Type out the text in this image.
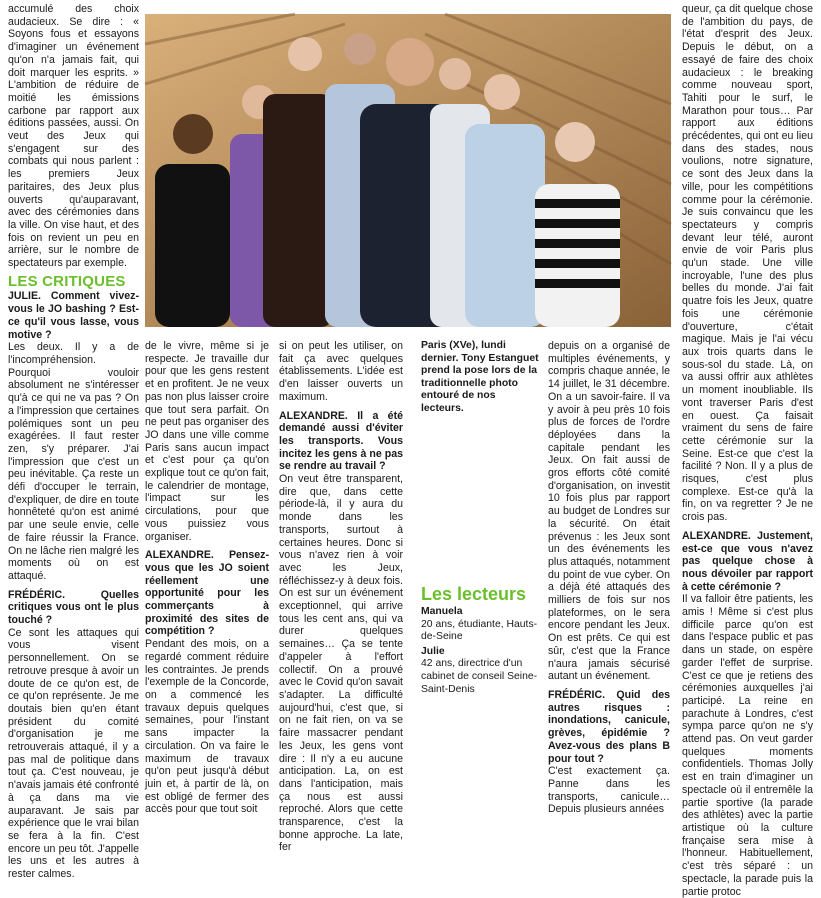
accumulé des choix audacieux. Se dire : « Soyons fous et essayons d'imaginer un événement qu'on n'a jamais fait, qui doit marquer les esprits. » L'ambition de réduire de moitié les émissions carbone par rapport aux éditions passées, aussi. On veut des Jeux qui s'engagent sur des combats qui nous parlent : les premiers Jeux paritaires, des Jeux plus ouverts qu'auparavant, avec des cérémonies dans la ville. On vise haut, et des fois on revient un peu en arrière, sur le nombre de spectateurs par exemple.

LES CRITIQUES

JULIE. Comment vivez-vous le JO bashing ? Est-ce qu'il vous lasse, vous motive ?

Les deux. Il y a de l'incompréhension. Pourquoi vouloir absolument ne s'intéresser qu'à ce qui ne va pas ? On a l'impression que certaines polémiques sont un peu exagérées. Il faut rester zen, s'y préparer. J'ai l'impression que c'est un peu inévitable. Ça reste un défi d'occuper le terrain, d'expliquer, de dire en toute honnêteté qu'on est animé par une seule envie, celle de faire réussir la France. On ne lâche rien malgré les moments où on est attaqué.

FRÉDÉRIC.	Quelles critiques vous ont le plus touché ?

Ce sont les attaques qui vous visent personnellement. On se retrouve presque à avoir un doute de ce qu'on est, de ce qu'on représente. Je me doutais bien qu'en étant président du comité d'organisation je me retrouverais attaqué, il y a pas mal de politique dans tout ça. C'est nouveau, je n'avais jamais été confronté à ça dans ma vie auparavant. Je sais par expérience que le vrai bilan se fera à la fin. C'est encore un peu tôt. J'appelle les uns et les autres à rester calmes.

LP/ARNAUD DUMONTIER

de le vivre, même si je respecte. Je travaille dur pour que les gens restent et en profitent. Je ne veux pas non plus laisser croire que tout sera parfait. On ne peut pas organiser des JO dans une ville comme Paris sans aucun impact et c'est pour ça qu'on explique tout ce qu'on fait, le calendrier de montage, l'impact sur les circulations, pour que vous puissiez vous organiser.

ALEXANDRE. Pensez-vous que les JO soient réellement une opportunité pour les commerçants à proximité des sites de compétition ?

Pendant des mois, on a regardé comment réduire les contraintes. Je prends l'exemple de la Concorde, on a commencé les travaux depuis quelques semaines, pour l'instant sans impacter la circulation. On va faire le maximum de travaux qu'on peut jusqu'à début juin et, à partir de là, on est obligé de fermer des accès pour que tout soit

si on peut les utiliser, on fait ça avec quelques établissements. L'idée est d'en laisser ouverts un maximum.

ALEXANDRE. Il a été demandé aussi d'éviter les transports. Vous incitez les gens à ne pas se rendre au travail ?

On veut être transparent, dire que, dans cette période-là, il y aura du monde dans les transports, surtout à certaines heures. Donc si vous n'avez rien à voir avec les Jeux, réfléchissez-y à deux fois. On est sur un événement exceptionnel, qui arrive tous les cent ans, qui va durer quelques semaines… Ça se tente d'appeler à l'effort collectif. On a prouvé avec le Covid qu'on savait s'adapter. La difficulté aujourd'hui, c'est que, si on ne fait rien, on va se faire massacrer pendant les Jeux, les gens vont dire : Il n'y a eu aucune anticipation. La, on est dans l'anticipation, mais ça nous est aussi reproché. Alors que cette transparence, c'est la bonne approche. La late, fer

Paris (XVe), lundi dernier. Tony Estanguet prend la pose lors de la traditionnelle photo entouré de nos lecteurs.
Les lecteurs
Manuela
20 ans, étudiante, Hauts-de-Seine
Julie
42 ans, directrice d'un cabinet de conseil Seine-Saint-Denis

depuis on a organisé de multiples événements, y compris chaque année, le 14 juillet, le 31 décembre. On a un savoir-faire. Il va y avoir à peu près 10 fois plus de forces de l'ordre déployées dans la capitale pendant les Jeux. On fait aussi de gros efforts côté comité d'organisation, on investit 10 fois plus par rapport au budget de Londres sur la sécurité. On était prévenus : les Jeux sont un des événements les plus attaqués, notamment du point de vue cyber. On a déjà été attaqués des milliers de fois sur nos plateformes, on le sera encore pendant les Jeux. On est prêts. Ce qui est sûr, c'est que la France n'aura jamais sécurisé autant un événement.

FRÉDÉRIC. Quid des autres risques : inondations, canicule, grèves, épidémie ? Avez-vous des plans B pour tout ?

C'est exactement ça. Panne dans les transports, canicule… Depuis plusieurs années

queur, ça dit quelque chose de l'ambition du pays, de l'état d'esprit des Jeux. Depuis le début, on a essayé de faire des choix audacieux : le breaking comme nouveau sport, Tahiti pour le surf, le Marathon pour tous… Par rapport aux éditions précédentes, qui ont eu lieu dans des stades, nous voulions, notre signature, ce sont des Jeux dans la ville, pour les compétitions comme pour la cérémonie. Je suis convaincu que les spectateurs y compris devant leur télé, auront envie de voir Paris plus qu'un stade. Une ville incroyable, l'une des plus belles du monde. J'ai fait quatre fois les Jeux, quatre fois une cérémonie d'ouverture, c'était magique. Mais je l'ai vécu aux trois quarts dans le sous-sol du stade. Là, on va aussi offrir aux athlètes un moment inoubliable. Ils vont traverser Paris d'est en ouest. Ça faisait vraiment du sens de faire cette cérémonie sur la Seine. Est-ce que c'est la facilité ? Non. Il y a plus de risques, c'est plus complexe. Est-ce qu'à la fin, on va regretter ? Je ne crois pas.

ALEXANDRE. Justement, est-ce que vous n'avez pas quelque chose à nous dévoiler par rapport à cette cérémonie ?

Il va falloir être patients, les amis ! Même si c'est plus difficile parce qu'on est dans l'espace public et pas dans un stade, on espère garder l'effet de surprise. C'est ce que je retiens des cérémonies auxquelles j'ai participé. La reine en parachute à Londres, c'est sympa parce qu'on ne s'y attend pas. On veut garder quelques moments confidentiels. Thomas Jolly est en train d'imaginer un spectacle où il entremêle la partie sportive (la parade des athlètes) avec la partie artistique où la culture française sera mise à l'honneur. Habituellement, c'est très séparé : un spectacle, la parade puis la partie protoc
